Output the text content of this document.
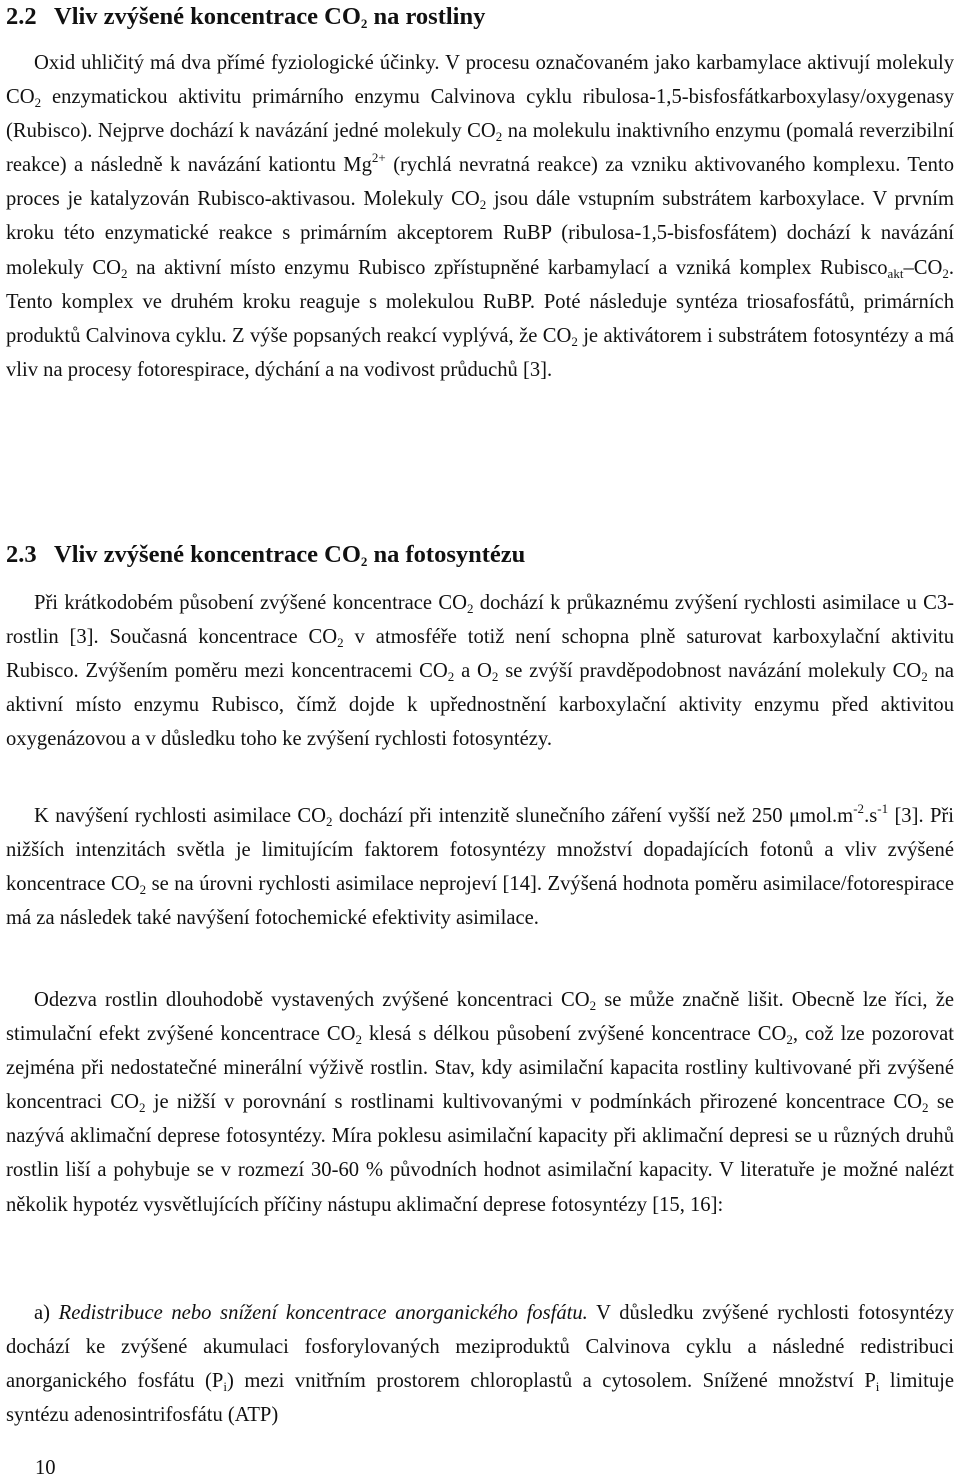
2.2 Vliv zvýšené koncentrace $CO_2$ na rostliny

Oxid uhličitý má dva přímé fyziologické účinky. V procesu označovaném jako karbamylace aktivují molekuly $CO_2$ enzymatickou aktivitu primárního enzymu Calvinova cyklu ribulosa-1,5-bisfosfátkarboxylasy/oxygenasy (Rubisco). Nejprve dochází k navázání jedné molekuly $CO_2$ na molekulu inaktivního enzymu (pomalá reverzibilní reakce) a následně k navázání kationtu $Mg^{2+}$ (rychlá nevratná reakce) za vzniku aktivovaného komplexu. Tento proces je katalyzován Rubisco-aktivasou. Molekuly $CO_2$ jsou dále vstupním substrátem karboxylace. V prvním kroku této enzymatické reakce s primárním akceptorem RuBP (ribulosa-1,5-bisfosfátem) dochází k navázání molekuly $CO_2$ na aktivní místo enzymu Rubisco zpřístupněné karbamylací a vzniká komplex $Rubisco_{akt}-CO_2$. Tento komplex ve druhém kroku reaguje s molekulou RuBP. Poté následuje syntéza triosafosfátů, primárních produktů Calvinova cyklu. Z výše popsaných reakcí vyplývá, že $CO_2$ je aktivátorem i substrátem fotosyntézy a má vliv na procesy fotorespirace, dýchání a na vodivost průduchů [3].

2.3 Vliv zvýšené koncentrace $CO_2$ na fotosyntézu

Při krátkodobém působení zvýšené koncentrace $CO_2$ dochází k průkaznému zvýšení rychlosti asimilace u C3-rostlin [3]. Současná koncentrace $CO_2$ v atmosféře totiž není schopna plně saturovat karboxylační aktivitu Rubisco. Zvýšením poměru mezi koncentracemi $CO_2$ a $O_2$ se zvýší pravděpodobnost navázání molekuly $CO_2$ na aktivní místo enzymu Rubisco, čímž dojde k upřednostnění karboxylační aktivity enzymu před aktivitou oxygenázovou a v důsledku toho ke zvýšení rychlosti fotosyntézy.

K navýšení rychlosti asimilace $CO_2$ dochází při intenzitě slunečního záření vyšší než 250 $\mu mol.m^{-2}.s^{-1}$ [3]. Při nižších intenzitách světla je limitujícím faktorem fotosyntézy množství dopadajících fotonů a vliv zvýšené koncentrace $CO_2$ se na úrovni rychlosti asimilace neprojeví [14]. Zvýšená hodnota poměru asimilace/fotorespirace má za následek také navýšení fotochemické efektivity asimilace.

Odezva rostlin dlouhodobě vystavených zvýšené koncentraci $CO_2$ se může značně lišit. Obecně lze říci, že stimulační efekt zvýšené koncentrace $CO_2$ klesá s délkou působení zvýšené koncentrace $CO_2$, což lze pozorovat zejména při nedostatečné minerální výživě rostlin. Stav, kdy asimilační kapacita rostliny kultivované při zvýšené koncentraci $CO_2$ je nižší v porovnání s rostlinami kultivovanými v podmínkách přirozené koncentrace $CO_2$ se nazývá aklimační deprese fotosyntézy. Míra poklesu asimilační kapacity při aklimační depresi se u různých druhů rostlin liší a pohybuje se v rozmezí 30-60 % původních hodnot asimilační kapacity. V literatuře je možné nalézt několik hypotéz vysvětlujících příčiny nástupu aklimační deprese fotosyntézy [15, 16]:

a) Redistribuce nebo snížení koncentrace anorganického fosfátu. V důsledku zvýšené rychlosti fotosyntézy dochází ke zvýšené akumulaci fosforylovaných meziproduktů Calvinova cyklu a následné redistribuci anorganického fosfátu $(P_i)$ mezi vnitřním prostorem chloroplastů a cytosolem. Snížené množství $P_i$ limituje syntézu adenosintrifosfátu (ATP)

10
